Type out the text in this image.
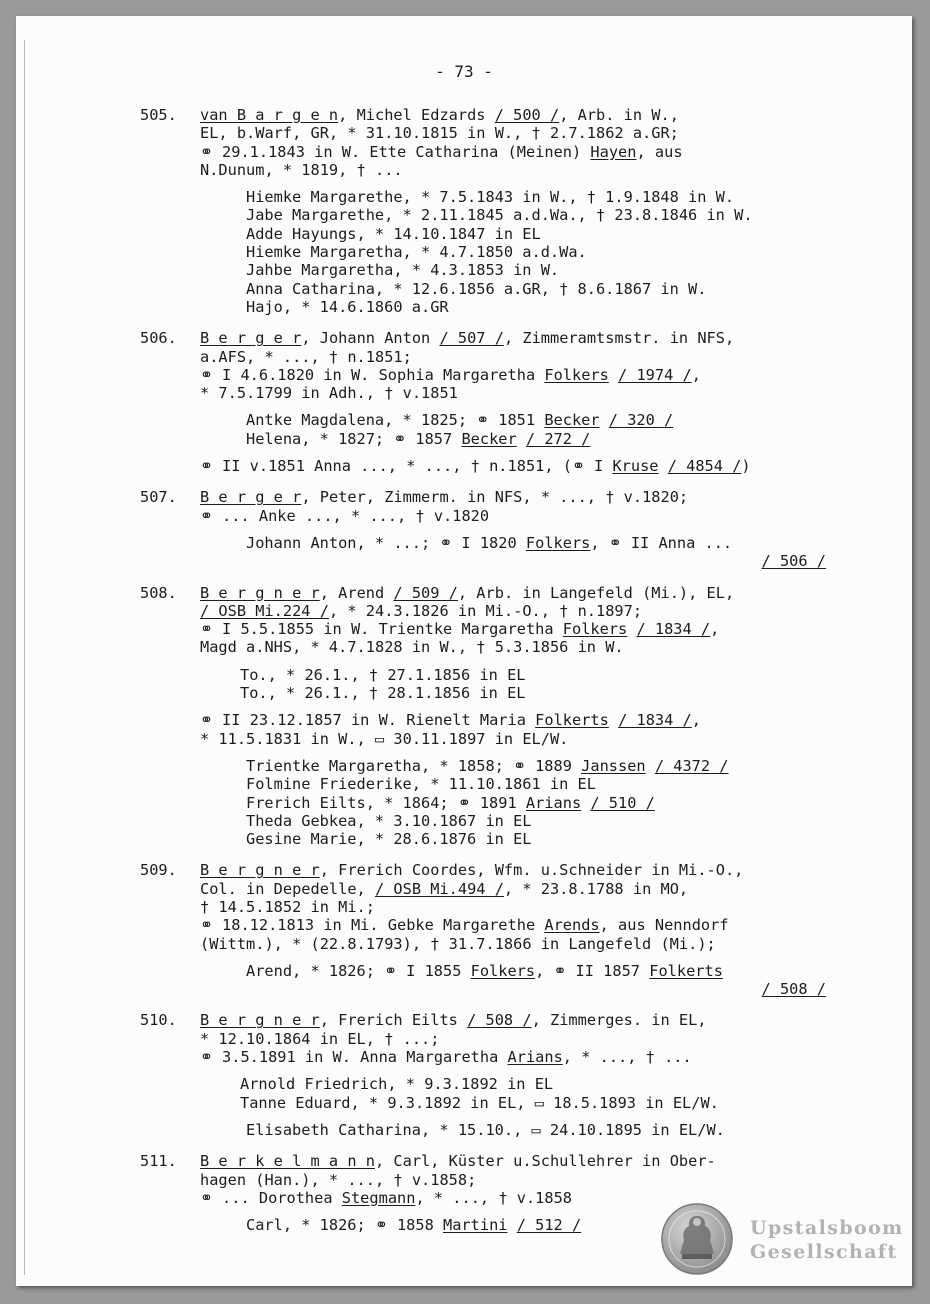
- 73 -
505. van B a r g e n, Michel Edzards / 500 /, Arb. in W.,
EL, b.Warf, GR, * 31.10.1815 in W., † 2.7.1862 a.GR;
⚭ 29.1.1843 in W. Ette Catharina (Meinen) Hayen, aus
N.Dunum, * 1819, † ...
Hiemke Margarethe, * 7.5.1843 in W., † 1.9.1848 in W.
Jabe Margarethe, * 2.11.1845 a.d.Wa., † 23.8.1846 in W.
Adde Hayungs, * 14.10.1847 in EL
Hiemke Margaretha, * 4.7.1850 a.d.Wa.
Jahbe Margaretha, * 4.3.1853 in W.
Anna Catharina, * 12.6.1856 a.GR, † 8.6.1867 in W.
Hajo, * 14.6.1860 a.GR
506. B e r g e r, Johann Anton / 507 /, Zimmeramtsmstr. in NFS,
a.AFS, * ..., † n.1851;
⚭ I 4.6.1820 in W. Sophia Margaretha Folkers / 1974 /,
* 7.5.1799 in Adh., † v.1851
Antke Magdalena, * 1825; ⚭ 1851 Becker / 320 /
Helena, * 1827; ⚭ 1857 Becker / 272 /
⚭ II v.1851 Anna ..., * ..., † n.1851, (⚭ I Kruse / 4854 /)
507. B e r g e r, Peter, Zimmerm. in NFS, * ..., † v.1820;
⚭ ... Anke ..., * ..., † v.1820
Johann Anton, * ...; ⚭ I 1820 Folkers, ⚭ II Anna ...
/ 506 /
508. B e r g n e r, Arend / 509 /, Arb. in Langefeld (Mi.), EL,
/ OSB Mi.224 /, * 24.3.1826 in Mi.-O., † n.1897;
⚭ I 5.5.1855 in W. Trientke Margaretha Folkers / 1834 /,
Magd a.NHS, * 4.7.1828 in W., † 5.3.1856 in W.
To., * 26.1., † 27.1.1856 in EL
To., * 26.1., † 28.1.1856 in EL
⚭ II 23.12.1857 in W. Rienelt Maria Folkerts / 1834 /,
* 11.5.1831 in W., ▭ 30.11.1897 in EL/W.
Trientke Margaretha, * 1858; ⚭ 1889 Janssen / 4372 /
Folmine Friederike, * 11.10.1861 in EL
Frerich Eilts, * 1864; ⚭ 1891 Arians / 510 /
Theda Gebkea, * 3.10.1867 in EL
Gesine Marie, * 28.6.1876 in EL
509. B e r g n e r, Frerich Coordes, Wfm. u.Schneider in Mi.-O.,
Col. in Depedelle, / OSB Mi.494 /, * 23.8.1788 in MO,
† 14.5.1852 in Mi.;
⚭ 18.12.1813 in Mi. Gebke Margarethe Arends, aus Nenndorf
(Wittm.), * (22.8.1793), † 31.7.1866 in Langefeld (Mi.);
Arend, * 1826; ⚭ I 1855 Folkers, ⚭ II 1857 Folkerts
/ 508 /
510. B e r g n e r, Frerich Eilts / 508 /, Zimmerges. in EL,
* 12.10.1864 in EL, † ...;
⚭ 3.5.1891 in W. Anna Margaretha Arians, * ..., † ...
Arnold Friedrich, * 9.3.1892 in EL
Tanne Eduard, * 9.3.1892 in EL, ▭ 18.5.1893 in EL/W.
Elisabeth Catharina, * 15.10., ▭ 24.10.1895 in EL/W.
511. B e r k e l m a n n, Carl, Küster u.Schullehrer in Ober-
hagen (Han.), * ..., † v.1858;
⚭ ... Dorothea Stegmann, * ..., † v.1858
Carl, * 1826; ⚭ 1858 Martini / 512 /	Upstalsboom
Gesellschaft
